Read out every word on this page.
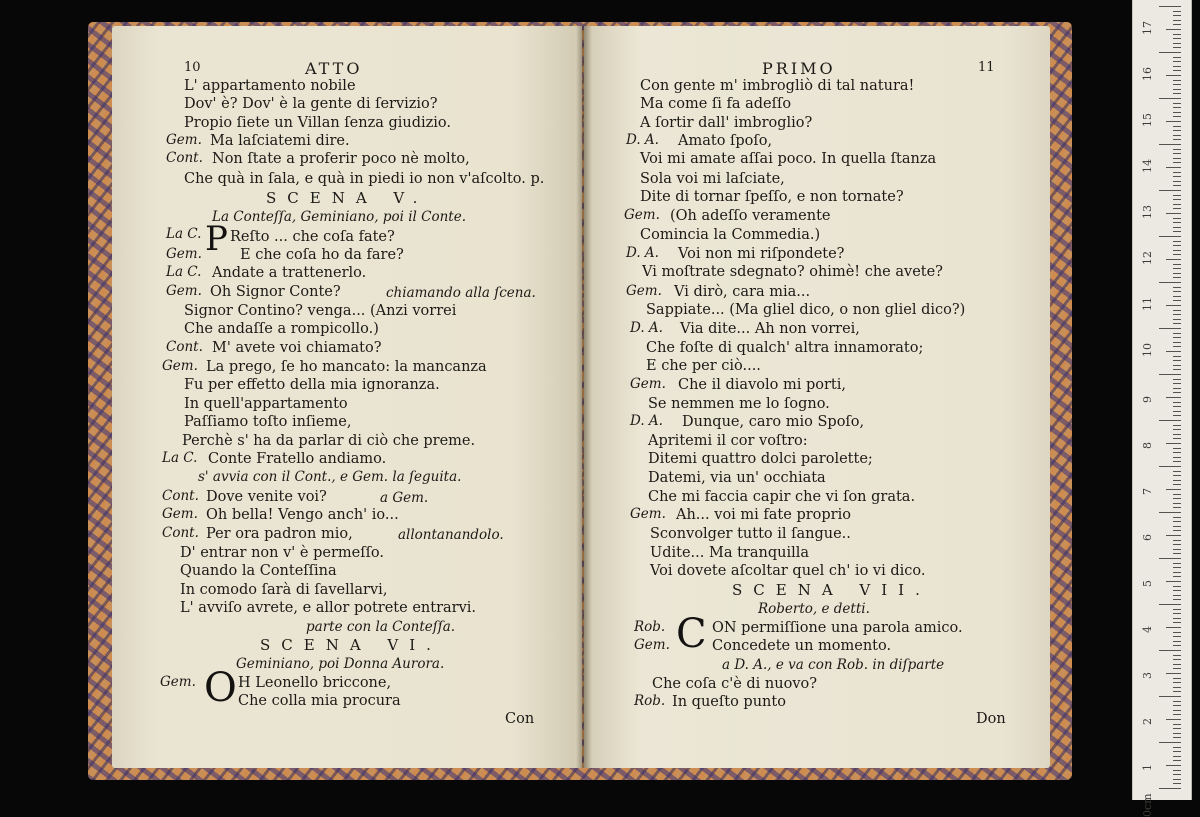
10	ATTO
L' appartamento nobile
Dov' è? Dov' è la gente di ſervizio?
Propio ſiete un Villan ſenza giudizio.
Gem. Ma laſciatemi dire.
Cont. Non ſtate a proferir poco nè molto,
Che quà in ſala, e quà in piedi io non v'aſcolto. p.
SCENA V.
La Conteſſa, Geminiano, poi il Conte.
La C. P Reſto ... che coſa fate?
Gem.	E che coſa ho da fare?
La C. Andate a trattenerlo.
Gem. Oh Signor Conte?	chiamando alla ſcena.
Signor Contino? venga... (Anzi vorrei
Che andaſſe a rompicollo.)
Cont. M' avete voi chiamato?
Gem. La prego, ſe ho mancato: la mancanza
Fu per effetto della mia ignoranza.
In quell'appartamento
Paſſiamo toſto inſieme,
Perchè s' ha da parlar di ciò che preme.
La C. Conte Fratello andiamo.
s' avvia con il Cont., e Gem. la ſeguita.
Cont. Dove venite voi?	a Gem.
Gem. Oh bella! Vengo anch' io...
Cont. Per ora padron mio,	allontanandolo.
D' entrar non v' è permeſſo.
Quando la Conteſſina
In comodo ſarà di ſavellarvi,
L' avviſo avrete, e allor potrete entrarvi.
parte con la Conteſſa.
SCENA VI.
Geminiano, poi Donna Aurora.
Gem. O H Leonello briccone,
Che colla mia procura
Con
PRIMO	11
Con gente m' imbrogliò di tal natura!
Ma come ſi fa adeſſo
A ſortir dall' imbroglio?
D. A. Amato ſpoſo,
Voi mi amate aſſai poco. In quella ſtanza
Sola voi mi laſciate,
Dite di tornar ſpeſſo, e non tornate?
Gem. (Oh adeſſo veramente
Comincia la Commedia.)
D. A. Voi non mi riſpondete?
Vi moſtrate sdegnato? ohimè! che avete?
Gem. Vi dirò, cara mia...
Sappiate... (Ma gliel dico, o non gliel dico?)
D. A. Via dite... Ah non vorrei,
Che foſte di qualch' altra innamorato;
E che per ciò....
Gem. Che il diavolo mi porti,
Se nemmen me lo ſogno.
D. A. Dunque, caro mio Spoſo,
Apritemi il cor voſtro:
Ditemi quattro dolci parolette;
Datemi, via un' occhiata
Che mi faccia capir che vi ſon grata.
Gem. Ah... voi mi fate proprio
Sconvolger tutto il ſangue..
Udite... Ma tranquilla
Voi dovete aſcoltar quel ch' io vi dico.
SCENA VII.
Roberto, e detti.
Rob. C ON permiſſione una parola amico.
Gem.	Concedete un momento.
a D. A., e va con Rob. in diſparte
Che coſa c'è di nuovo?
Rob. In queſto punto
Don
17
16
15
14
13
12
11
10
9
8
7
6
5
4
3
2
1
0cm
